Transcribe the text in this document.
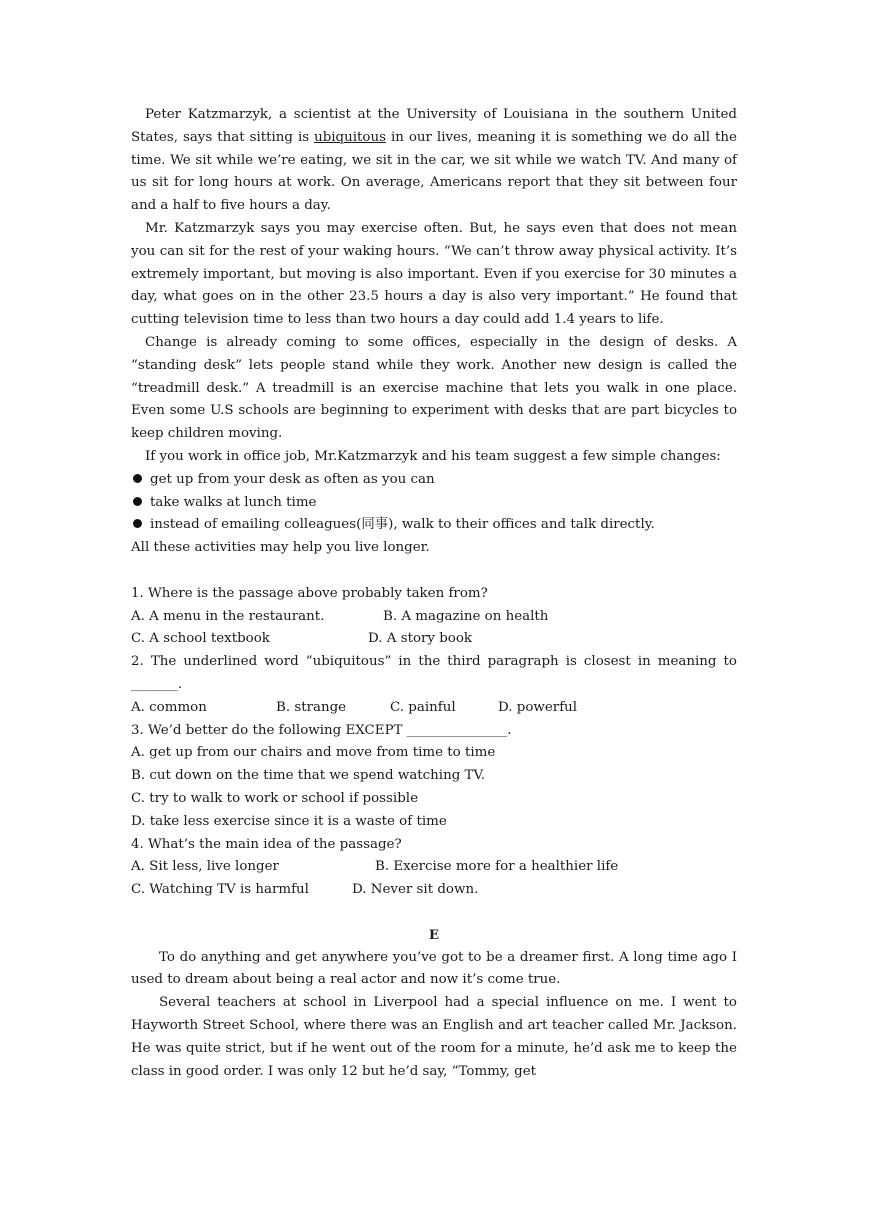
Peter Katzmarzyk, a scientist at the University of Louisiana in the southern United States, says that sitting is ubiquitous in our lives, meaning it is something we do all the time. We sit while we’re eating, we sit in the car, we sit while we watch TV. And many of us sit for long hours at work. On average, Americans report that they sit between four and a half to five hours a day.

Mr. Katzmarzyk says you may exercise often. But, he says even that does not mean you can sit for the rest of your waking hours. “We can’t throw away physical activity. It’s extremely important, but moving is also important. Even if you exercise for 30 minutes a day, what goes on in the other 23.5 hours a day is also very important.” He found that cutting television time to less than two hours a day could add 1.4 years to life.

Change is already coming to some offices, especially in the design of desks. A “standing desk” lets people stand while they work. Another new design is called the “treadmill desk.” A treadmill is an exercise machine that lets you walk in one place. Even some U.S schools are beginning to experiment with desks that are part bicycles to keep children moving.

If you work in office job, Mr.Katzmarzyk and his team suggest a few simple changes:

get up from your desk as often as you can

take walks at lunch time

instead of emailing colleagues(同事), walk to their offices and talk directly.

All these activities may help you live longer.

1. Where is the passage above probably taken from?

A. A menu in the restaurant.	B. A magazine on health

C. A school textbook	D. A story book

2. The underlined word “ubiquitous” in the third paragraph is closest in meaning to _______.

A. common	B. strange	C. painful	D. powerful

3. We’d better do the following EXCEPT _______________.

A. get up from our chairs and move from time to time

B. cut down on the time that we spend watching TV.

C. try to walk to work or school if possible

D. take less exercise since it is a waste of time

4. What’s the main idea of the passage?

A. Sit less, live longer	B. Exercise more for a healthier life

C. Watching TV is harmful	D. Never sit down.

E

To do anything and get anywhere you’ve got to be a dreamer first. A long time ago I used to dream about being a real actor and now it’s come true.

Several teachers at school in Liverpool had a special influence on me. I went to Hayworth Street School, where there was an English and art teacher called Mr. Jackson. He was quite strict, but if he went out of the room for a minute, he’d ask me to keep the class in good order. I was only 12 but he’d say, “Tommy, get
